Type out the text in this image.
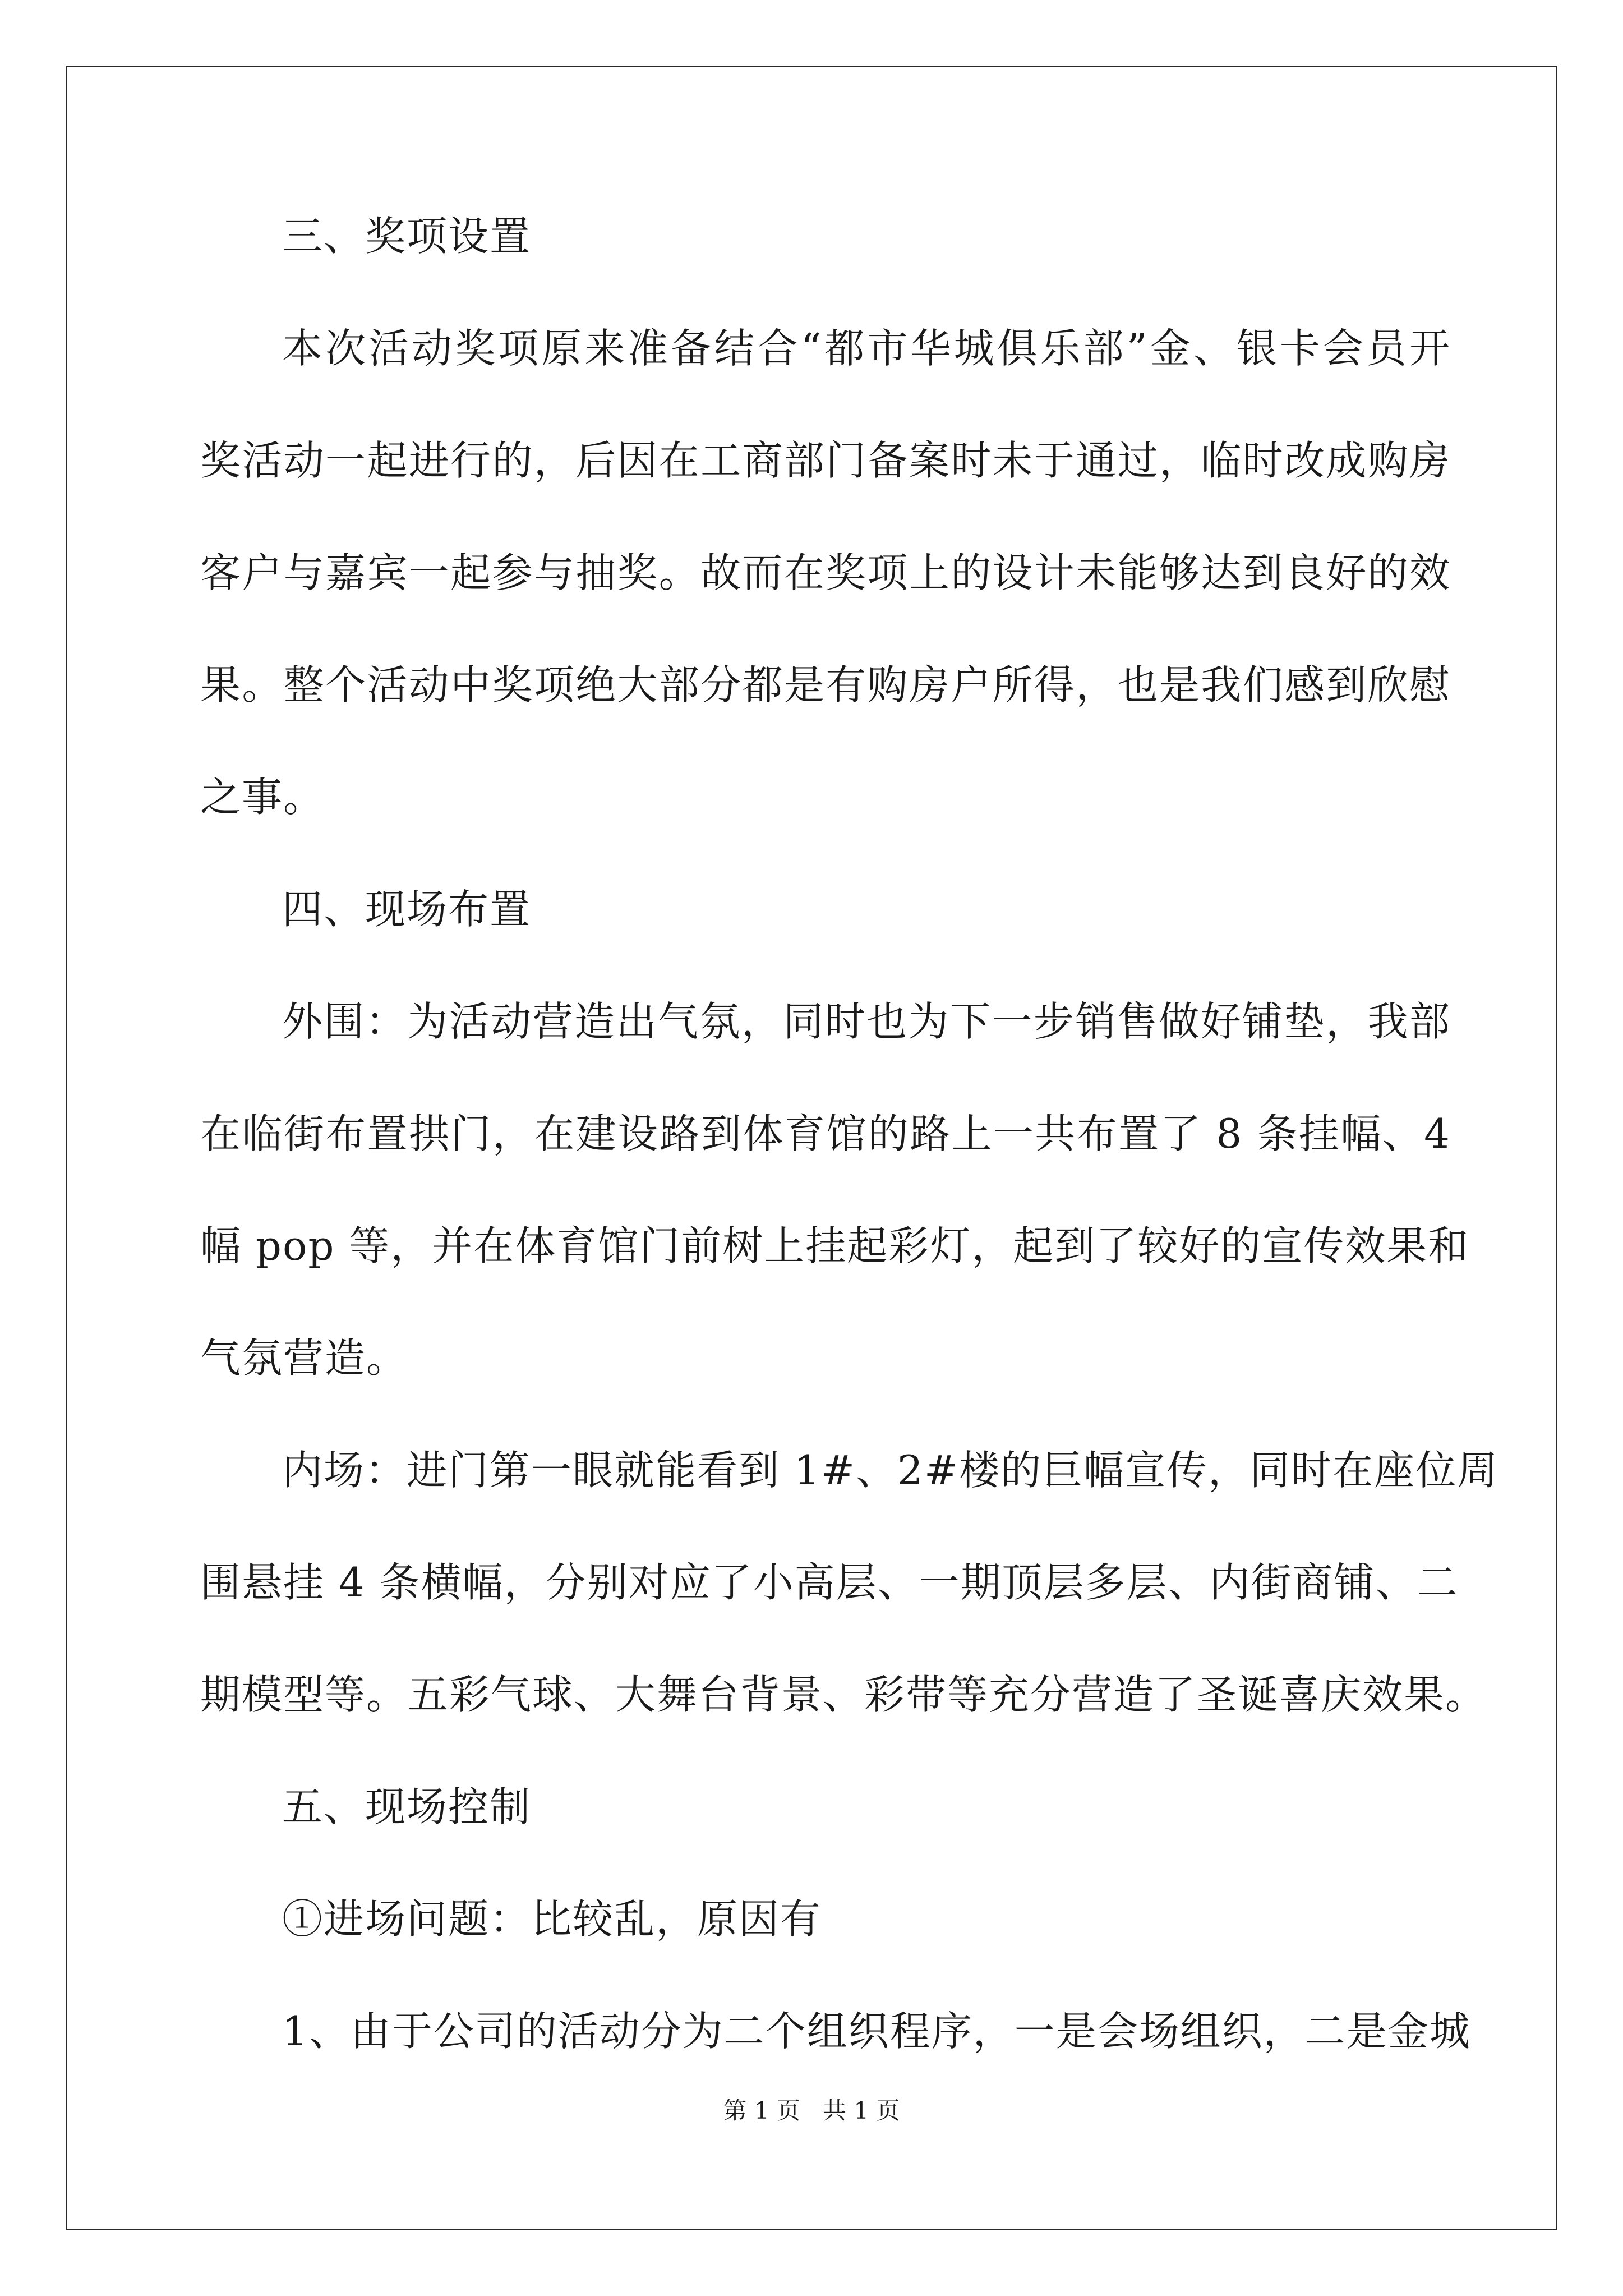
三、奖项设置
本次活动奖项原来准备结合“都市华城俱乐部”金、银卡会员开
奖活动一起进行的，后因在工商部门备案时未于通过，临时改成购房
客户与嘉宾一起参与抽奖。故而在奖项上的设计未能够达到良好的效
果。整个活动中奖项绝大部分都是有购房户所得，也是我们感到欣慰
之事。
四、现场布置
外围：为活动营造出气氛，同时也为下一步销售做好铺垫，我部
在临街布置拱门，在建设路到体育馆的路上一共布置了 8 条挂幅、4
幅 pop 等，并在体育馆门前树上挂起彩灯，起到了较好的宣传效果和
气氛营造。
内场：进门第一眼就能看到 1#、2#楼的巨幅宣传，同时在座位周
围悬挂 4 条横幅，分别对应了小高层、一期顶层多层、内街商铺、二
期模型等。五彩气球、大舞台背景、彩带等充分营造了圣诞喜庆效果。
五、现场控制
①进场问题：比较乱，原因有
1、由于公司的活动分为二个组织程序，一是会场组织，二是金城
第 1 页   共 1 页
